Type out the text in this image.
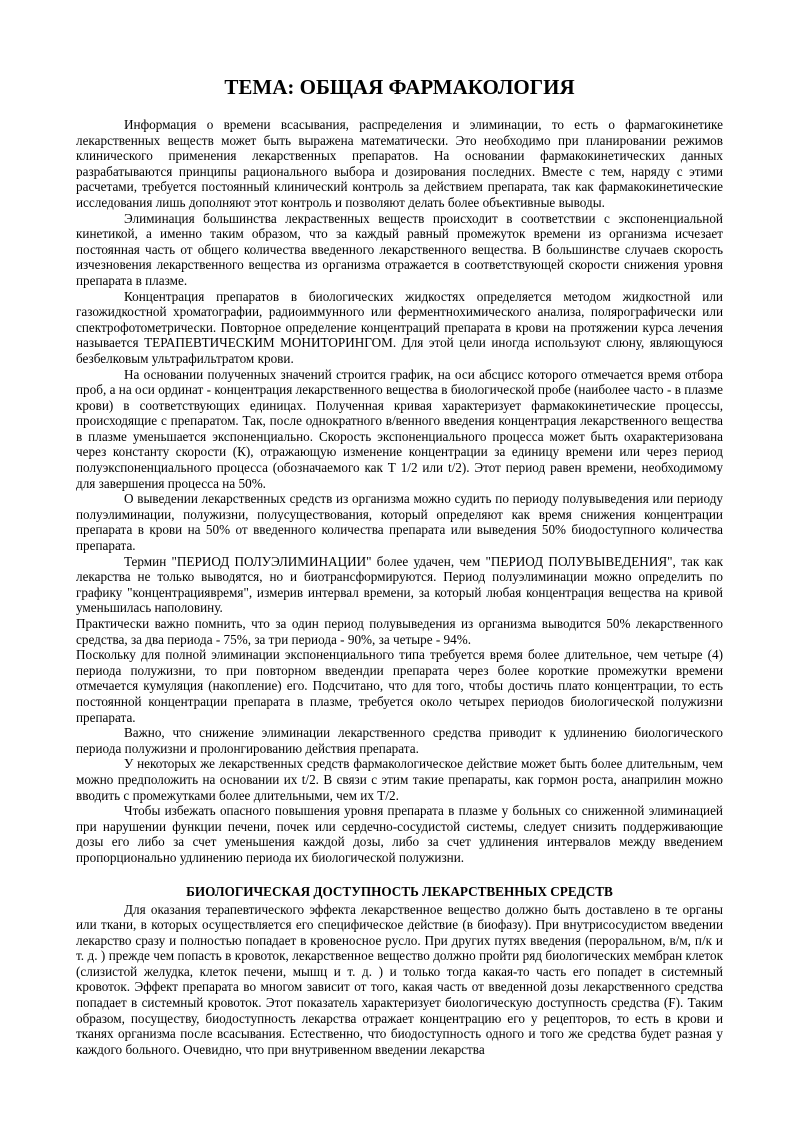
ТЕМА: ОБЩАЯ ФАРМАКОЛОГИЯ

Информация о времени всасывания, распределения и элиминации, то есть о фармагокинетике лекарственных веществ может быть выражена математически. Это необходимо при планировании режимов клинического применения лекарственных препаратов. На основании фармакокинетических данных разрабатываются принципы рационального выбора и дозирования последних. Вместе с тем, наряду с этими расчетами, требуется постоянный клинический контроль за действием препарата, так как фармакокинетические исследования лишь дополняют этот контроль и позволяют делать более объективные выводы.

Элиминация большинства лекраственных веществ происходит в соответствии с экспоненциальной кинетикой, а именно таким образом, что за каждый равный промежуток времени из организма исчезает постоянная часть от общего количества введенного лекарственного вещества. В большинстве случаев скорость изчезновения лекарственного вещества из организма отражается в соответствующей скорости снижения уровня препарата в плазме.

Концентрация препаратов в биологических жидкостях определяется методом жидкостной или газожидкостной хроматографии, радиоиммунного или ферментнохимического анализа, полярографически или спектрофотометрически. Повторное определение концентраций препарата в крови на протяжении курса лечения называется ТЕРАПЕВТИЧЕСКИМ МОНИТОРИНГОМ. Для этой цели иногда используют слюну, являющуюся безбелковым ультрафильтратом крови.

На основании полученных значений строится график, на оси абсцисс которого отмечается время отбора проб, а на оси ординат - концентрация лекарственного вещества в биологической пробе (наиболее часто - в плазме крови) в соответствующих единицах. Полученная кривая характеризует фармакокинетические процессы, происходящие с препаратом. Так, после однократного в/венного введения концентрация лекарственного вещества в плазме уменьшается экспоненциально. Скорость экспоненциального процесса может быть охарактеризована через константу скорости (К), отражающую изменение концентрации за единицу времени или через период полуэкспоненциального процесса (обозначаемого как Т 1/2 или t/2). Этот период равен времени, необходимому для завершения процесса на 50%.

О выведении лекарственных средств из организма можно судить по периоду полувыведения или периоду полуэлиминации, полужизни, полусуществования, который определяют как время снижения концентрации препарата в крови на 50% от введенного количества препарата или выведения 50% биодоступного количества препарата.

Термин "ПЕРИОД ПОЛУЭЛИМИНАЦИИ" более удачен, чем "ПЕРИОД ПОЛУВЫВЕДЕНИЯ", так как лекарства не только выводятся, но и биотрансформируются. Период полуэлиминации можно определить по графику "концентрациявремя", измерив интервал времени, за который любая концентрация вещества на кривой уменьшилась наполовину.

Практически важно помнить, что за один период полувыведения из организма выводится 50% лекарственного средства, за два периода - 75%, за три периода - 90%, за четыре - 94%.

Поскольку для полной элиминации экспоненциального типа требуется время более длительное, чем четыре (4) периода полужизни, то при повторном введендии препарата через более короткие промежутки времени отмечается кумуляция (накопление) его. Подсчитано, что для того, чтобы достичь плато концентрации, то есть постоянной концентрации препарата в плазме, требуется около четырех периодов биологической полужизни препарата.

Важно, что снижение элиминации лекарственного средства приводит к удлинению биологического периода полужизни и пролонгированию действия препарата.

У некоторых же лекарственных средств фармакологическое действие может быть более длительным, чем можно предположить на основании их t/2. В связи с этим такие препараты, как гормон роста, анаприлин можно вводить с промежутками более длительными, чем их Т/2.

Чтобы избежать опасного повышения уровня препарата в плазме у больных со сниженной элиминацией при нарушении функции печени, почек или сердечно-сосудистой системы, следует снизить поддерживающие дозы его либо за счет уменьшения каждой дозы, либо за счет удлинения интервалов между введением пропорционально удлинению периода их биологической полужизни.

БИОЛОГИЧЕСКАЯ ДОСТУПНОСТЬ ЛЕКАРСТВЕННЫХ СРЕДСТВ

Для оказания терапевтического эффекта лекарственное вещество должно быть доставлено в те органы или ткани, в которых осуществляется его специфическое действие (в биофазу). При внутрисосудистом введении лекарство сразу и полностью попадает в кровеносное русло. При других путях введения (пероральном, в/м, п/к и т. д. ) прежде чем попасть в кровоток, лекарственное вещество должно пройти ряд биологических мембран клеток (слизистой желудка, клеток печени, мышц и т. д. ) и только тогда какая-то часть его попадет в системный кровоток. Эффект препарата во многом зависит от того, какая часть от введенной дозы лекарственного средства попадает в системный кровоток. Этот показатель характеризует биологическую доступность средства (F). Таким образом, посуществу, биодоступность лекарства отражает концентрацию его у рецепторов, то есть в крови и тканях организма после всасывания. Естественно, что биодоступность одного и того же средства будет разная у каждого больного. Очевидно, что при внутривенном введении лекарства
